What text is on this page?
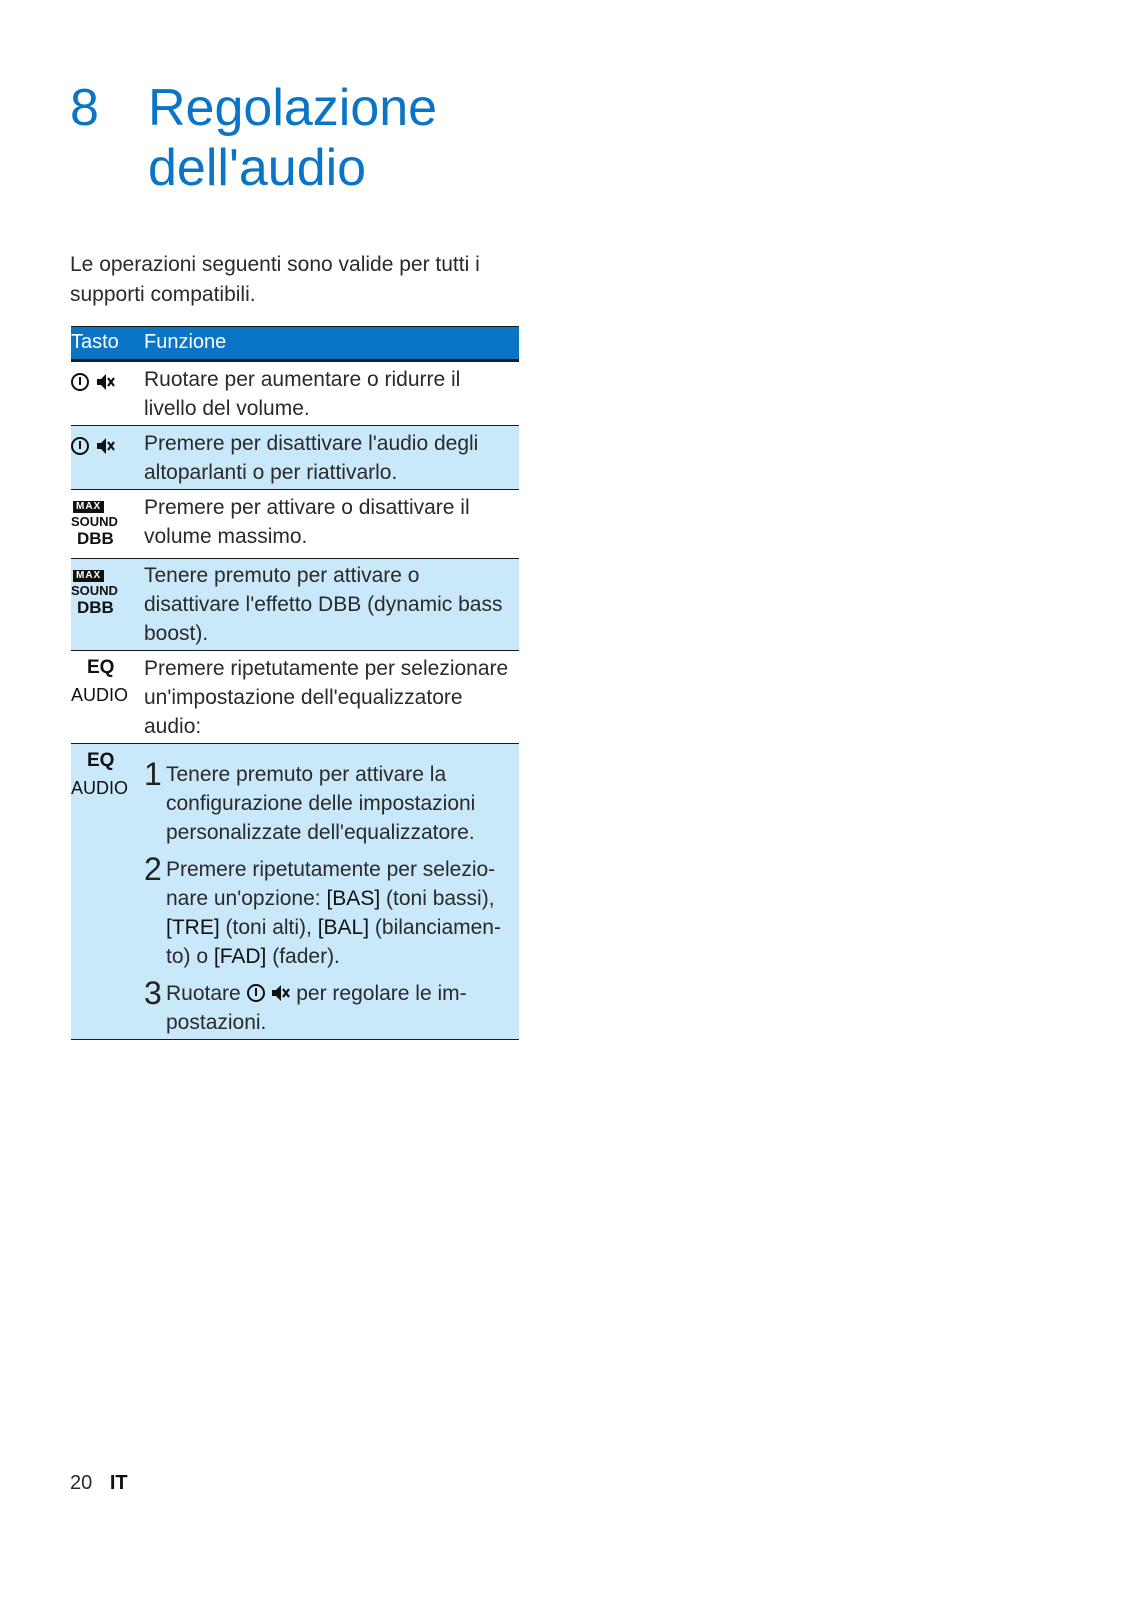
8 Regolazione dell'audio

Le operazioni seguenti sono valide per tutti i supporti compatibili.

Tasto Funzione
Ruotare per aumentare o ridurre il livello del volume.
Premere per disattivare l'audio degli altoparlanti o per riattivarlo.
MAX
SOUND
DBB
Premere per attivare o disattivare il volume massimo.
MAX
SOUND
DBB
Tenere premuto per attivare o disattivare l'effetto DBB (dynamic bass boost).
EQ
AUDIO
Premere ripetutamente per selezionare un'impostazione dell'equalizzatore audio:
EQ
AUDIO 1 Tenere premuto per attivare la configurazione delle impostazioni personalizzate dell'equalizzatore.
2 Premere ripetutamente per selezio- nare un'opzione: [BAS] (toni bassi), [TRE] (toni alti), [BAL] (bilanciamen- to) o [FAD] (fader).
3 Ruotare   per regolare le im- postazioni.
20 IT
